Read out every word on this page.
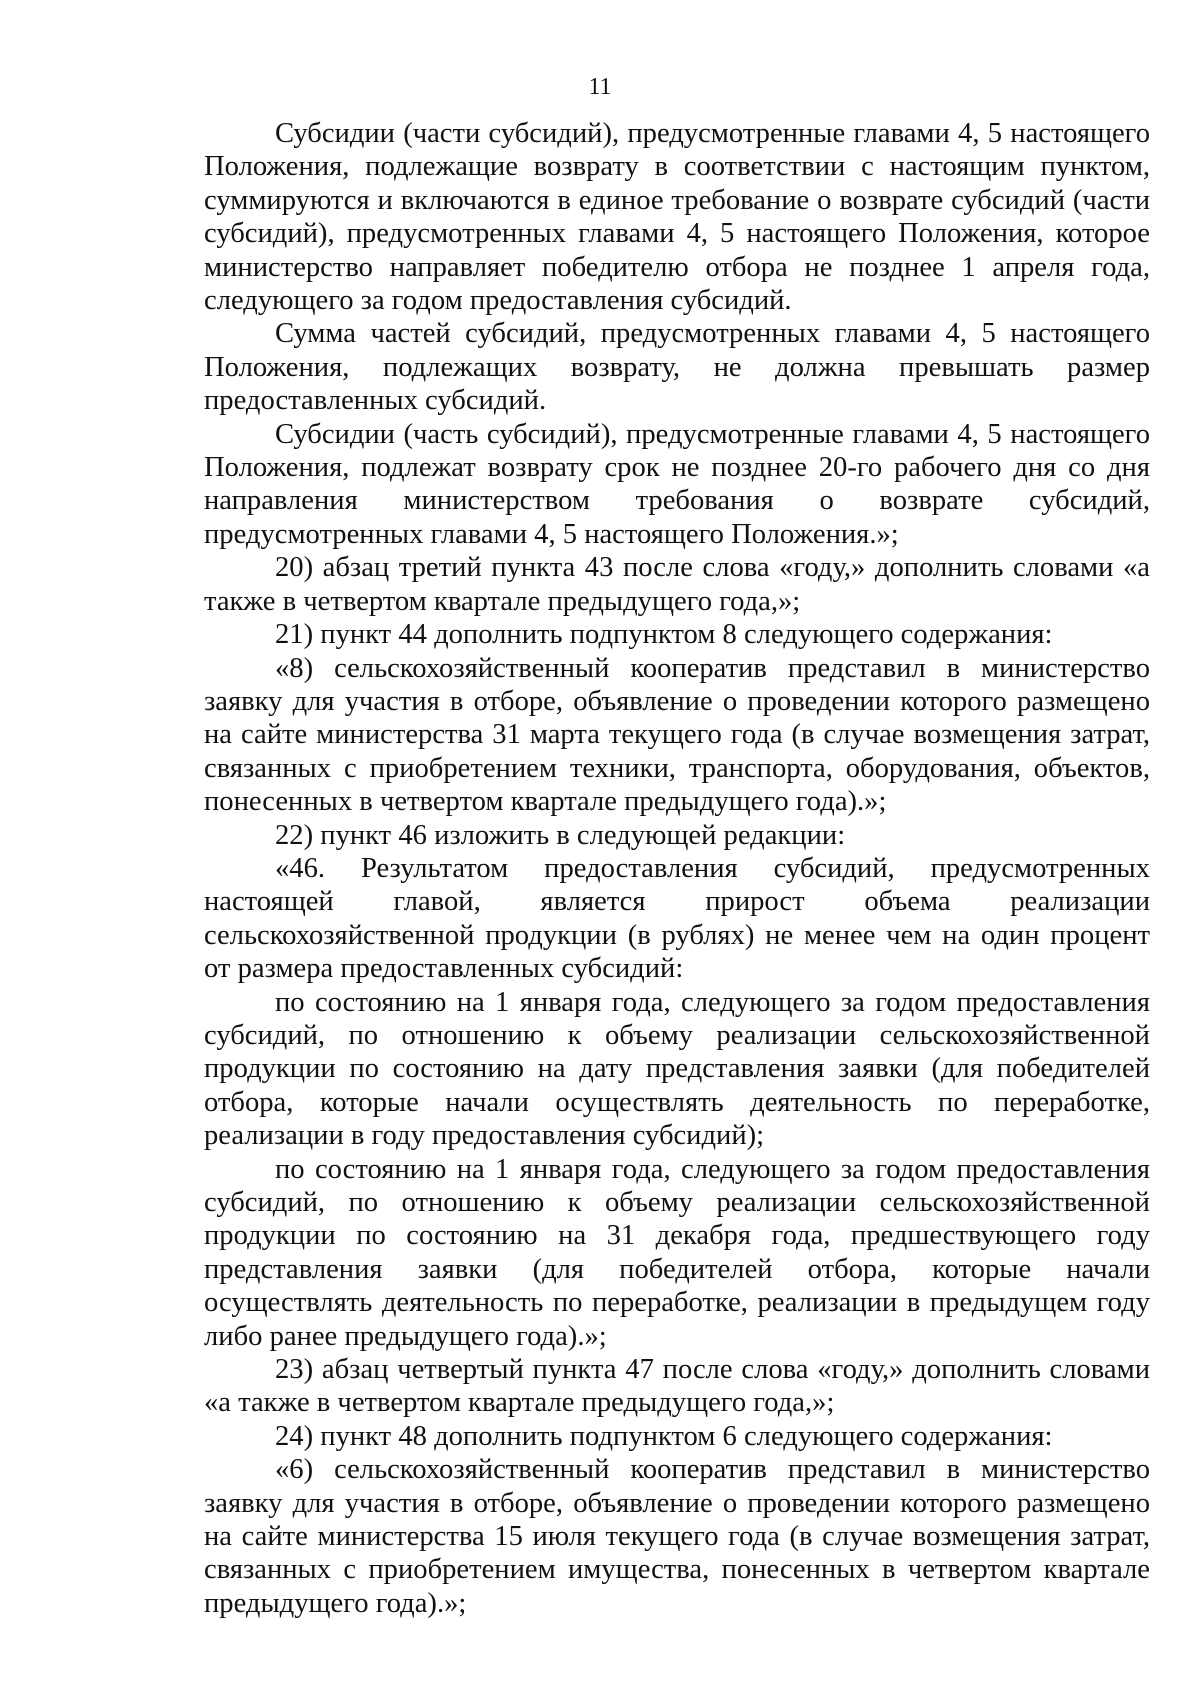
11

Субсидии (части субсидий), предусмотренные главами 4, 5 настоящего Положения, подлежащие возврату в соответствии с настоящим пунктом, суммируются и включаются в единое требование о возврате субсидий (части субсидий), предусмотренных главами 4, 5 настоящего Положения, которое министерство направляет победителю отбора не позднее 1 апреля года, следующего за годом предоставления субсидий.

Сумма частей субсидий, предусмотренных главами 4, 5 настоящего Положения, подлежащих возврату, не должна превышать размер предоставленных субсидий.

Субсидии (часть субсидий), предусмотренные главами 4, 5 настоящего Положения, подлежат возврату срок не позднее 20-го рабочего дня со дня направления министерством требования о возврате субсидий, предусмотренных главами 4, 5 настоящего Положения.»;

20) абзац третий пункта 43 после слова «году,» дополнить словами «а также в четвертом квартале предыдущего года,»;

21) пункт 44 дополнить подпунктом 8 следующего содержания:

«8) сельскохозяйственный кооператив представил в министерство заявку для участия в отборе, объявление о проведении которого размещено на сайте министерства 31 марта текущего года (в случае возмещения затрат, связанных с приобретением техники, транспорта, оборудования, объектов, понесенных в четвертом квартале предыдущего года).»;

22) пункт 46 изложить в следующей редакции:

«46. Результатом предоставления субсидий, предусмотренных настоящей главой, является прирост объема реализации сельскохозяйственной продукции (в рублях) не менее чем на один процент от размера предоставленных субсидий:

по состоянию на 1 января года, следующего за годом предоставления субсидий, по отношению к объему реализации сельскохозяйственной продукции по состоянию на дату представления заявки (для победителей отбора, которые начали осуществлять деятельность по переработке, реализации в году предоставления субсидий);

по состоянию на 1 января года, следующего за годом предоставления субсидий, по отношению к объему реализации сельскохозяйственной продукции по состоянию на 31 декабря года, предшествующего году представления заявки (для победителей отбора, которые начали осуществлять деятельность по переработке, реализации в предыдущем году либо ранее предыдущего года).»;

23) абзац четвертый пункта 47 после слова «году,» дополнить словами «а также в четвертом квартале предыдущего года,»;

24) пункт 48 дополнить подпунктом 6 следующего содержания:

«6) сельскохозяйственный кооператив представил в министерство заявку для участия в отборе, объявление о проведении которого размещено на сайте министерства 15 июля текущего года (в случае возмещения затрат, связанных с приобретением имущества, понесенных в четвертом квартале предыдущего года).»;
